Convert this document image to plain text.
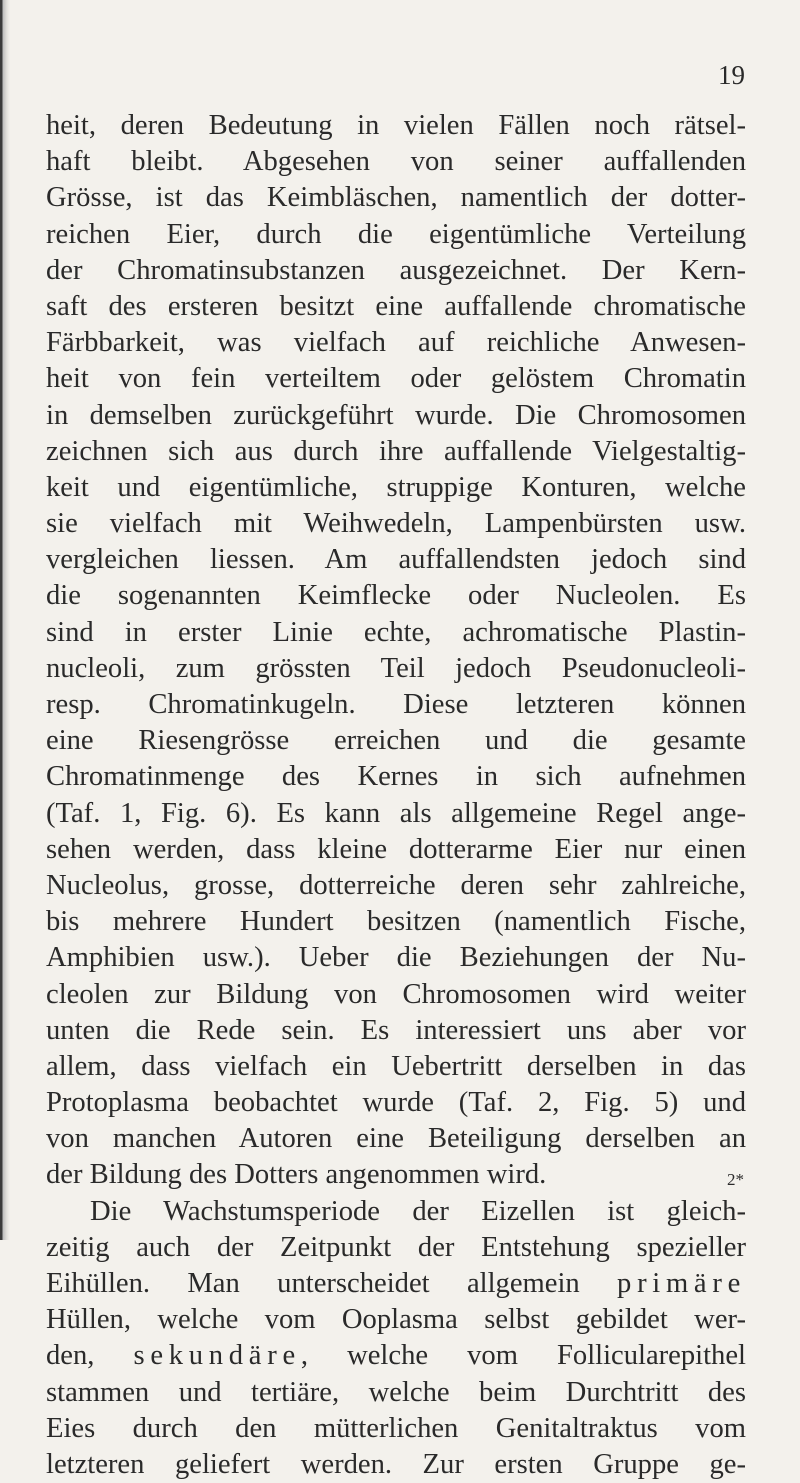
19
heit, deren Bedeutung in vielen Fällen noch rätsel-
haft bleibt. Abgesehen von seiner auffallenden
Grösse, ist das Keimbläschen, namentlich der dotter-
reichen Eier, durch die eigentümliche Verteilung
der Chromatinsubstanzen ausgezeichnet. Der Kern-
saft des ersteren besitzt eine auffallende chromatische
Färbbarkeit, was vielfach auf reichliche Anwesen-
heit von fein verteiltem oder gelöstem Chromatin
in demselben zurückgeführt wurde. Die Chromosomen
zeichnen sich aus durch ihre auffallende Vielgestaltig-
keit und eigentümliche, struppige Konturen, welche
sie vielfach mit Weihwedeln, Lampenbürsten usw.
vergleichen liessen. Am auffallendsten jedoch sind
die sogenannten Keimflecke oder Nucleolen. Es
sind in erster Linie echte, achromatische Plastin-
nucleoli, zum grössten Teil jedoch Pseudonucleoli-
resp. Chromatinkugeln. Diese letzteren können
eine Riesengrösse erreichen und die gesamte
Chromatinmenge des Kernes in sich aufnehmen
(Taf. 1, Fig. 6). Es kann als allgemeine Regel ange-
sehen werden, dass kleine dotterarme Eier nur einen
Nucleolus, grosse, dotterreiche deren sehr zahlreiche,
bis mehrere Hundert besitzen (namentlich Fische,
Amphibien usw.). Ueber die Beziehungen der Nu-
cleolen zur Bildung von Chromosomen wird weiter
unten die Rede sein. Es interessiert uns aber vor
allem, dass vielfach ein Uebertritt derselben in das
Protoplasma beobachtet wurde (Taf. 2, Fig. 5) und
von manchen Autoren eine Beteiligung derselben an
der Bildung des Dotters angenommen wird.
Die Wachstumsperiode der Eizellen ist gleich-
zeitig auch der Zeitpunkt der Entstehung spezieller
Eihüllen. Man unterscheidet allgemein primäre
Hüllen, welche vom Ooplasma selbst gebildet wer-
den, sekundäre, welche vom Follicularepithel
stammen und tertiäre, welche beim Durchtritt des
Eies durch den mütterlichen Genitaltraktus vom
letzteren geliefert werden. Zur ersten Gruppe ge-
2*
